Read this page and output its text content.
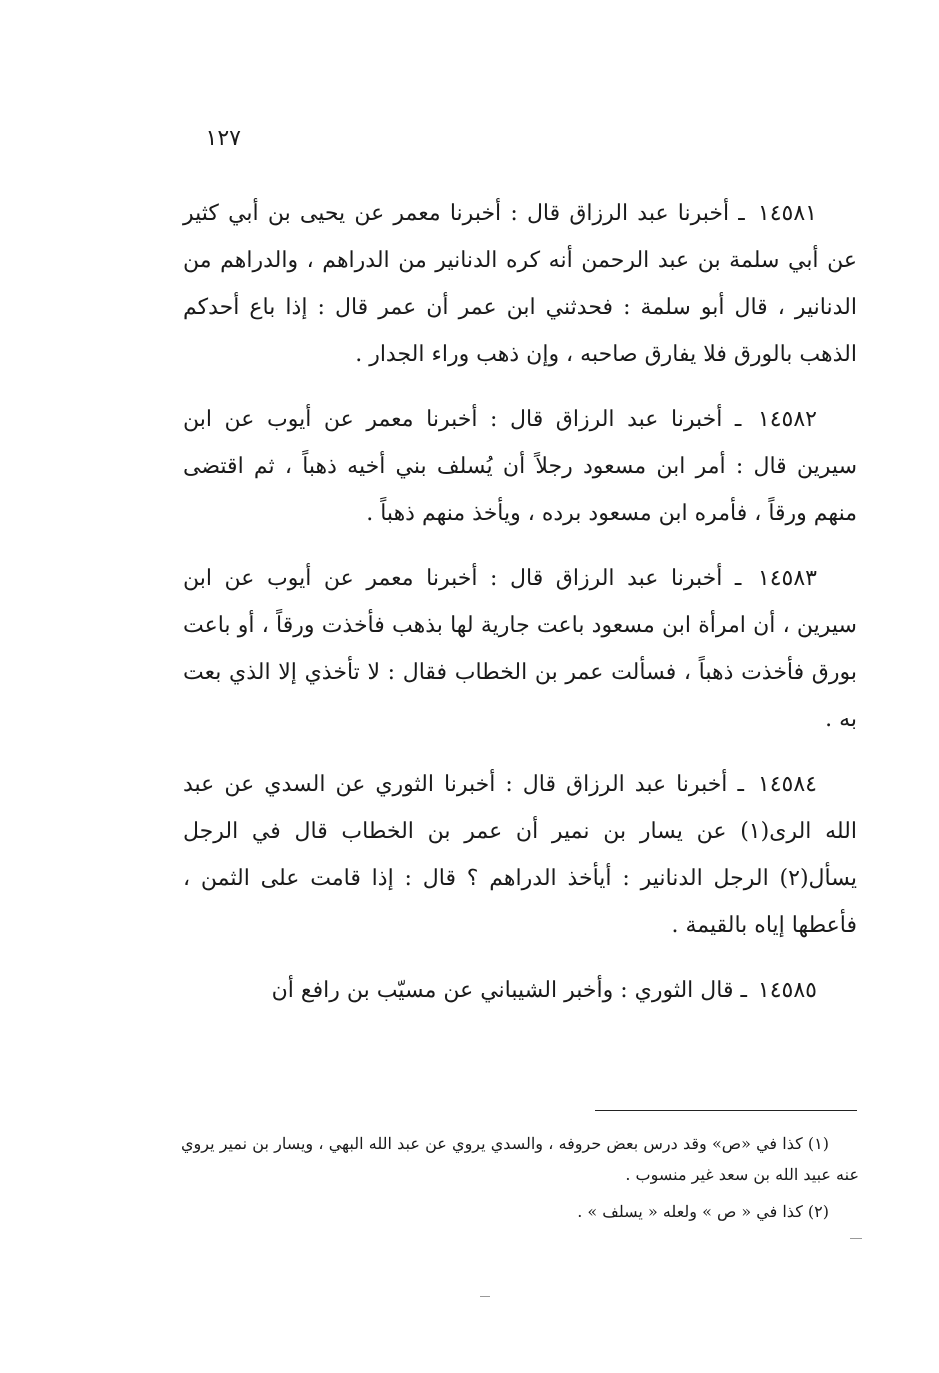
١٢٧

١٤٥٨١ ـ أخبرنا عبد الرزاق قال : أخبرنا معمر عن يحيى بن أبي كثير عن أبي سلمة بن عبد الرحمن أنه كره الدنانير من الدراهم ، والدراهم من الدنانير ، قال أبو سلمة : فحدثني ابن عمر أن عمر قال : إذا باع أحدكم الذهب بالورق فلا يفارق صاحبه ، وإن ذهب وراء الجدار .

١٤٥٨٢ ـ أخبرنا عبد الرزاق قال : أخبرنا معمر عن أيوب عن ابن سيرين قال : أمر ابن مسعود رجلاً أن يُسلف بني أخيه ذهباً ، ثم اقتضى منهم ورقاً ، فأمره ابن مسعود برده ، ويأخذ منهم ذهباً .

١٤٥٨٣ ـ أخبرنا عبد الرزاق قال : أخبرنا معمر عن أيوب عن ابن سيرين ، أن امرأة ابن مسعود باعت جارية لها بذهب فأخذت ورقاً ، أو باعت بورق فأخذت ذهباً ، فسألت عمر بن الخطاب فقال : لا تأخذي إلا الذي بعت به .

١٤٥٨٤ ـ أخبرنا عبد الرزاق قال : أخبرنا الثوري عن السدي عن عبد الله الرى(١) عن يسار بن نمير أن عمر بن الخطاب قال في الرجل يسأل(٢) الرجل الدنانير : أيأخذ الدراهم ؟ قال : إذا قامت على الثمن ، فأعطها إياه بالقيمة .

١٤٥٨٥ ـ قال الثوري : وأخبر الشيباني عن مسيّب بن رافع أن

(١) كذا في «ص» وقد درس بعض حروفه ، والسدي يروي عن عبد الله البهي ، ويسار بن نمير يروي عنه عبيد الله بن سعد غير منسوب .

(٢) كذا في « ص » ولعله « يسلف » .
